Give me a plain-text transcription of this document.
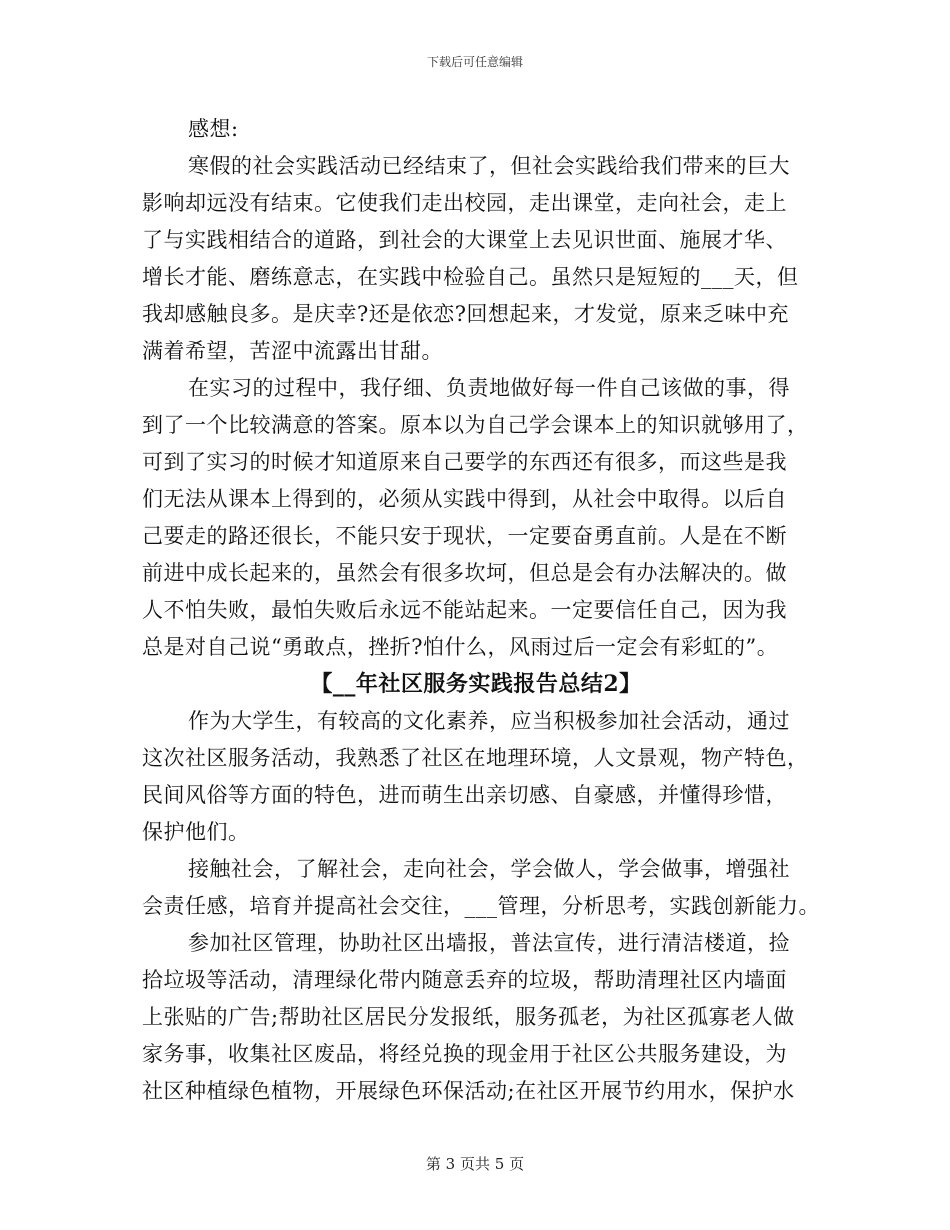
下载后可任意编辑
感想:
寒假的社会实践活动已经结束了，但社会实践给我们带来的巨大
影响却远没有结束。它使我们走出校园，走出课堂，走向社会，走上
了与实践相结合的道路，到社会的大课堂上去见识世面、施展才华、
增长才能、磨练意志，在实践中检验自己。虽然只是短短的___天，但
我却感触良多。是庆幸?还是依恋?回想起来，才发觉，原来乏味中充
满着希望，苦涩中流露出甘甜。
在实习的过程中，我仔细、负责地做好每一件自己该做的事，得
到了一个比较满意的答案。原本以为自己学会课本上的知识就够用了，
可到了实习的时候才知道原来自己要学的东西还有很多，而这些是我
们无法从课本上得到的，必须从实践中得到，从社会中取得。以后自
己要走的路还很长，不能只安于现状，一定要奋勇直前。人是在不断
前进中成长起来的，虽然会有很多坎坷，但总是会有办法解决的。做
人不怕失败，最怕失败后永远不能站起来。一定要信任自己，因为我
总是对自己说“勇敢点，挫折?怕什么，风雨过后一定会有彩虹的”。
【__年社区服务实践报告总结2】
作为大学生，有较高的文化素养，应当积极参加社会活动，通过
这次社区服务活动，我熟悉了社区在地理环境，人文景观，物产特色，
民间风俗等方面的特色，进而萌生出亲切感、自豪感，并懂得珍惜，
保护他们。
接触社会，了解社会，走向社会，学会做人，学会做事，增强社
会责任感，培育并提高社会交往，___管理，分析思考，实践创新能力。
参加社区管理，协助社区出墙报，普法宣传，进行清洁楼道，捡
拾垃圾等活动，清理绿化带内随意丢弃的垃圾，帮助清理社区内墙面
上张贴的广告;帮助社区居民分发报纸，服务孤老，为社区孤寡老人做
家务事，收集社区废品，将经兑换的现金用于社区公共服务建设，为
社区种植绿色植物，开展绿色环保活动;在社区开展节约用水，保护水
第 3 页共 5 页
